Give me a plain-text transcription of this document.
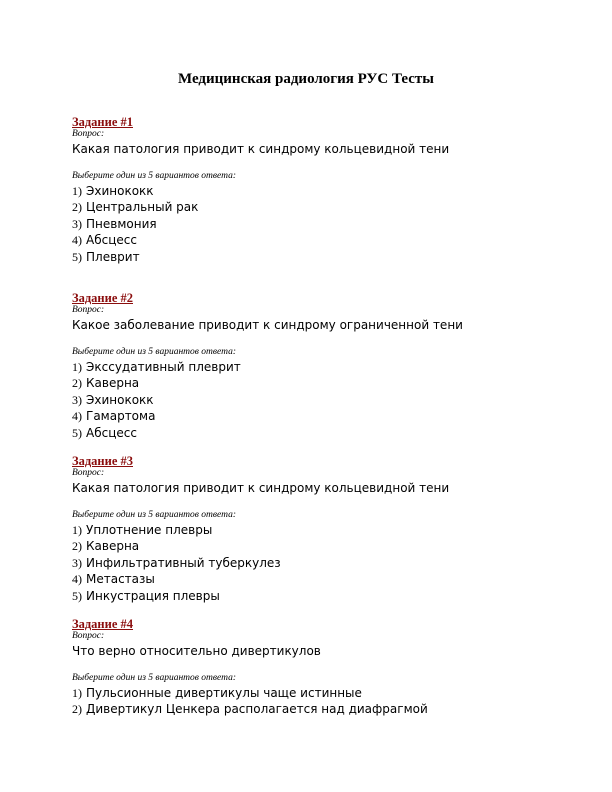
Медицинская радиология РУС Тесты
Задание #1
Вопрос:
Какая патология приводит к синдрому кольцевидной тени
Выберите один из 5 вариантов ответа:
1) Эхинококк
2) Центральный рак
3) Пневмония
4) Абсцесс
5) Плеврит
Задание #2
Вопрос:
Какое заболевание приводит к синдрому ограниченной тени
Выберите один из 5 вариантов ответа:
1) Экссудативный плеврит
2) Каверна
3) Эхинококк
4) Гамартома
5) Абсцесс
Задание #3
Вопрос:
Какая патология приводит к синдрому кольцевидной тени
Выберите один из 5 вариантов ответа:
1) Уплотнение плевры
2) Каверна
3) Инфильтративный туберкулез
4) Метастазы
5) Инкустрация плевры
Задание #4
Вопрос:
Что верно относительно дивертикулов
Выберите один из 5 вариантов ответа:
1) Пульсионные дивертикулы чаще истинные
2) Дивертикул Ценкера располагается над диафрагмой
